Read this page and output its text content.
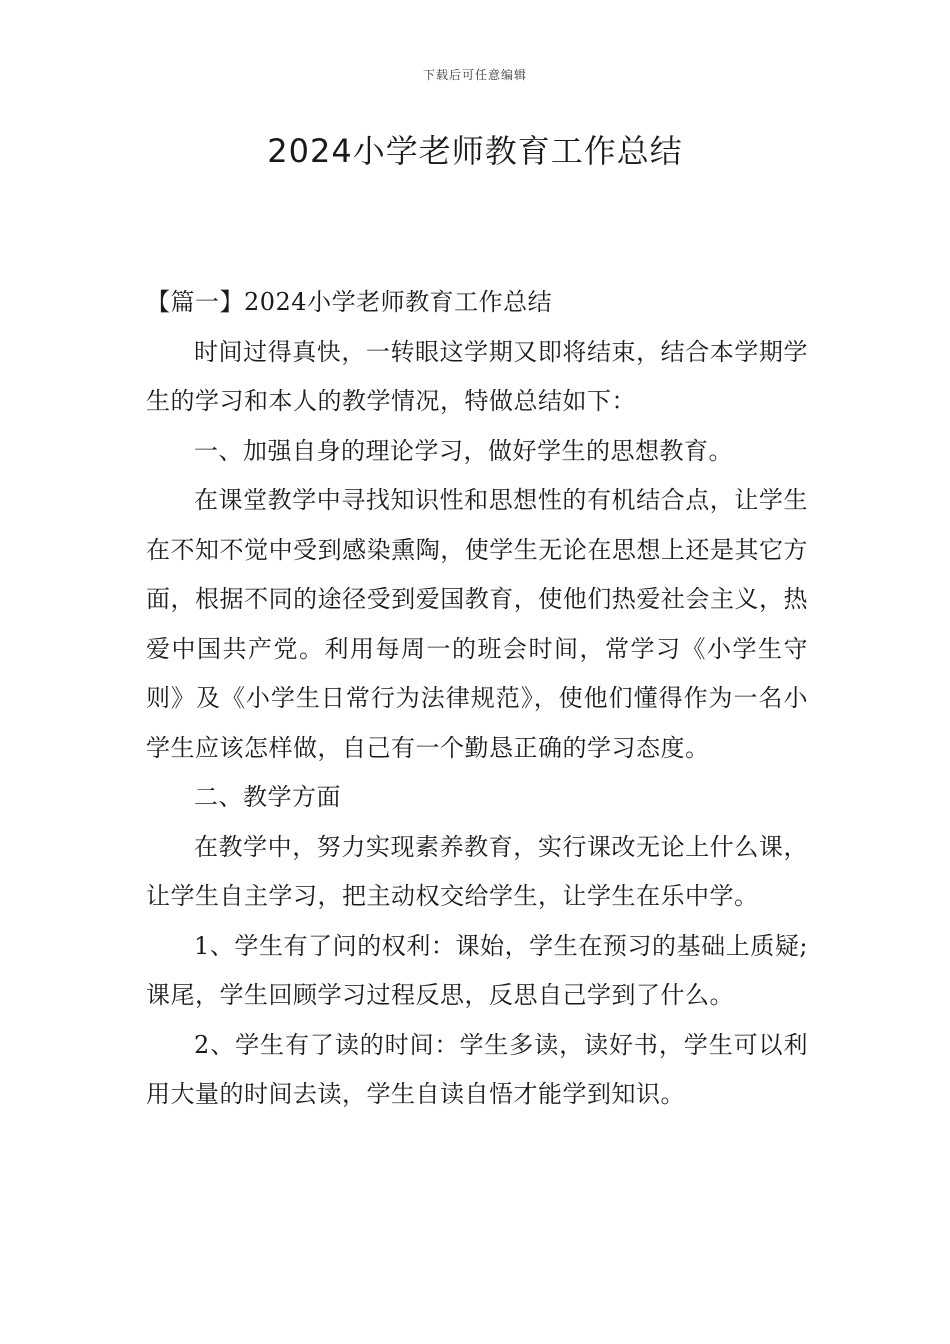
下载后可任意编辑
2024小学老师教育工作总结

【篇一】2024小学老师教育工作总结

时间过得真快，一转眼这学期又即将结束，结合本学期学生的学习和本人的教学情况，特做总结如下：

一、加强自身的理论学习，做好学生的思想教育。

在课堂教学中寻找知识性和思想性的有机结合点，让学生在不知不觉中受到感染熏陶，使学生无论在思想上还是其它方面，根据不同的途径受到爱国教育，使他们热爱社会主义，热爱中国共产党。利用每周一的班会时间，常学习《小学生守则》及《小学生日常行为法律规范》，使他们懂得作为一名小学生应该怎样做，自己有一个勤恳正确的学习态度。

二、教学方面

在教学中，努力实现素养教育，实行课改无论上什么课，让学生自主学习，把主动权交给学生，让学生在乐中学。

1、学生有了问的权利：课始，学生在预习的基础上质疑;课尾，学生回顾学习过程反思，反思自己学到了什么。

2、学生有了读的时间：学生多读，读好书，学生可以利用大量的时间去读，学生自读自悟才能学到知识。
